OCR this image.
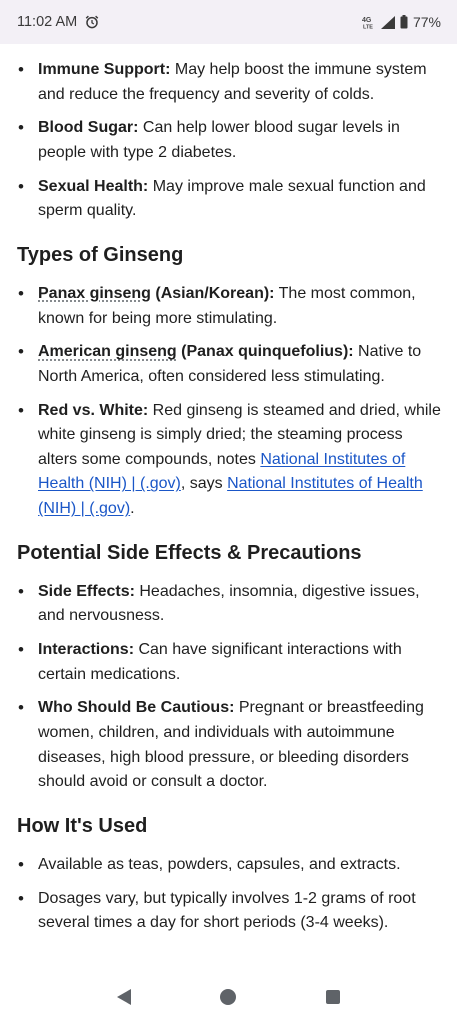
11:02 AM	4G
LTE	77%
• Immune Support: May help boost the immune system and reduce the frequency and severity of colds.
• Blood Sugar: Can help lower blood sugar levels in people with type 2 diabetes.
• Sexual Health: May improve male sexual function and sperm quality.
Types of Ginseng
• Panax ginseng (Asian/Korean): The most common, known for being more stimulating.
• American ginseng (Panax quinquefolius): Native to North America, often considered less stimulating.
• Red vs. White: Red ginseng is steamed and dried, while white ginseng is simply dried; the steaming process alters some compounds, notes National Institutes of Health (NIH) | (.gov), says National Institutes of Health (NIH) | (.gov).
Potential Side Effects & Precautions
• Side Effects: Headaches, insomnia, digestive issues, and nervousness.
• Interactions: Can have significant interactions with certain medications.
• Who Should Be Cautious: Pregnant or breastfeeding women, children, and individuals with autoimmune diseases, high blood pressure, or bleeding disorders should avoid or consult a doctor.
How It's Used
• Available as teas, powders, capsules, and extracts.
• Dosages vary, but typically involves 1-2 grams of root several times a day for short periods (3-4 weeks).
